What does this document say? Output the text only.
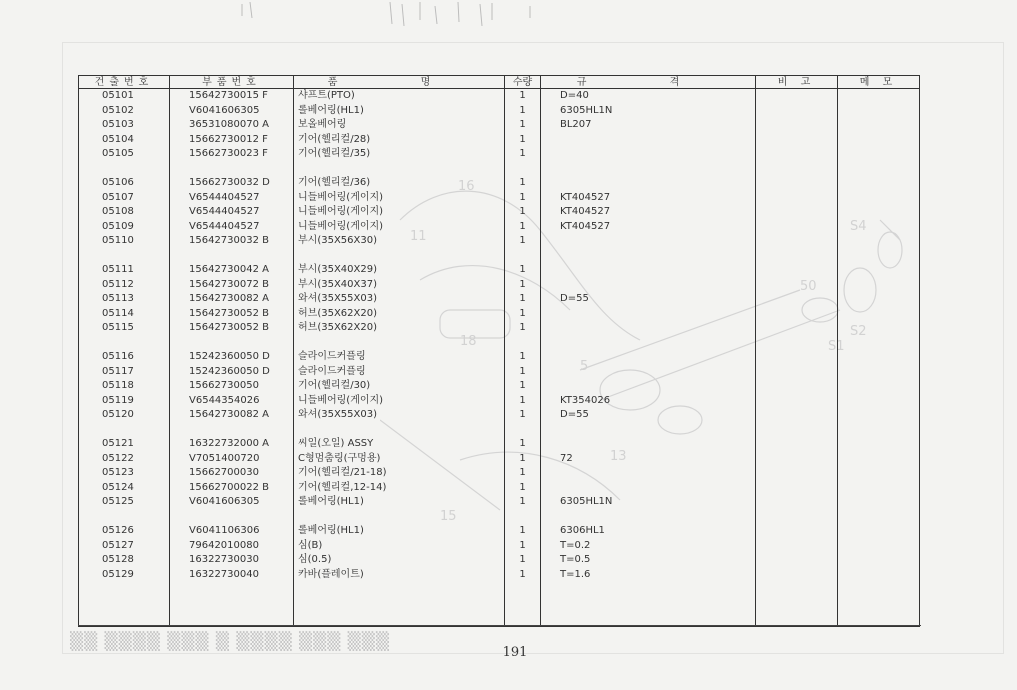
16
11
S4
50
S2
S1
18
13
5
15
건출번호	부품번호	품 명	수량	규 격	비 고	메 모
05101	15642730015 F	샤프트(PTO)	1	D=40		
05102	V6041606305	롤베어링(HL1)	1	6305HL1N		
05103	36531080070 A	보올베어링	1	BL207		
05104	15662730012 F	기어(헬리컬/28)	1			
05105	15662730023 F	기어(헬리컬/35)	1			

05106	15662730032 D	기어(헬리컬/36)	1			
05107	V6544404527	니들베어링(게이지)	1	KT404527		
05108	V6544404527	니들베어링(게이지)	1	KT404527		
05109	V6544404527	니들베어링(게이지)	1	KT404527		
05110	15642730032 B	부시(35X56X30)	1			

05111	15642730042 A	부시(35X40X29)	1			
05112	15642730072 B	부시(35X40X37)	1			
05113	15642730082 A	와셔(35X55X03)	1	D=55		
05114	15642730052 B	허브(35X62X20)	1			
05115	15642730052 B	허브(35X62X20)	1			

05116	15242360050 D	슬라이드커플링	1			
05117	15242360050 D	슬라이드커플링	1			
05118	15662730050	기어(헬리컬/30)	1			
05119	V6544354026	니들베어링(게이지)	1	KT354026		
05120	15642730082 A	와셔(35X55X03)	1	D=55		

05121	16322732000 A	씨일(오일) ASSY	1			
05122	V7051400720	C형멈춤링(구멍용)	1	72		
05123	15662700030	기어(헬리컬/21-18)	1			
05124	15662700022 B	기어(헬리컬,12-14)	1			
05125	V6041606305	롤베어링(HL1)	1	6305HL1N		

05126	V6041106306	롤베어링(HL1)	1	6306HL1		
05127	79642010080	심(B)	1	T=0.2		
05128	16322730030	심(0.5)	1	T=0.5		
05129	16322730040	카바(플레이트)	1	T=1.6		

▒▒ ▒▒▒▒ ▒▒▒ ▒ ▒▒▒▒ ▒▒▒ ▒▒▒
191
